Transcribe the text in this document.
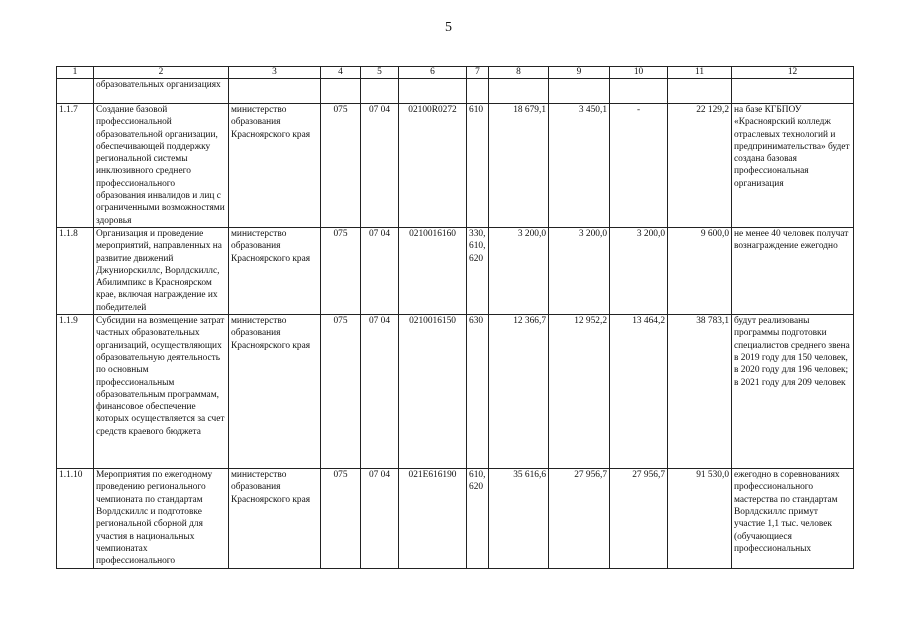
5
1	2	3	4	5	6	7	8	9	10	11	12
	образовательных организациях										
1.1.7	Создание базовой профессиональной образовательной организации, обеспечивающей поддержку региональной системы инклюзивного среднего профессионального образования инвалидов и лиц с ограниченными возможностями здоровья	министерство образования Красноярского края	075	07 04	02100R0272	610	18 679,1	3 450,1	-	22 129,2	на базе КГБПОУ «Красноярский колледж отраслевых технологий и предпринимательства» будет создана базовая профессиональная организация
1.1.8	Организация и проведение мероприятий, направленных на развитие движений Джуниорскиллс, Ворлдскиллс, Абилимпикс в Красноярском крае, включая награждение их победителей	министерство образования Красноярского края	075	07 04	0210016160	330, 610, 620	3 200,0	3 200,0	3 200,0	9 600,0	не менее 40 человек получат вознаграждение ежегодно
1.1.9	Субсидии на возмещение затрат частных образовательных организаций, осуществляющих образовательную деятельность по основным профессиональным образовательным программам, финансовое обеспечение которых осуществляется за счет средств краевого бюджета	министерство образования Красноярского края	075	07 04	0210016150	630	12 366,7	12 952,2	13 464,2	38 783,1	будут реализованы программы подготовки специалистов среднего звена в 2019 году для 150 человек, в 2020 году для 196 человек; в 2021 году для 209 человек
1.1.10	Мероприятия по ежегодному проведению регионального чемпионата по стандартам Ворлдскиллс и подготовке региональной сборной для участия в национальных чемпионатах профессионального	министерство образования Красноярского края	075	07 04	021E616190	610, 620	35 616,6	27 956,7	27 956,7	91 530,0	ежегодно в соревнованиях профессионального мастерства по стандартам Ворлдскиллс примут участие 1,1 тыс. человек (обучающиеся профессиональных
